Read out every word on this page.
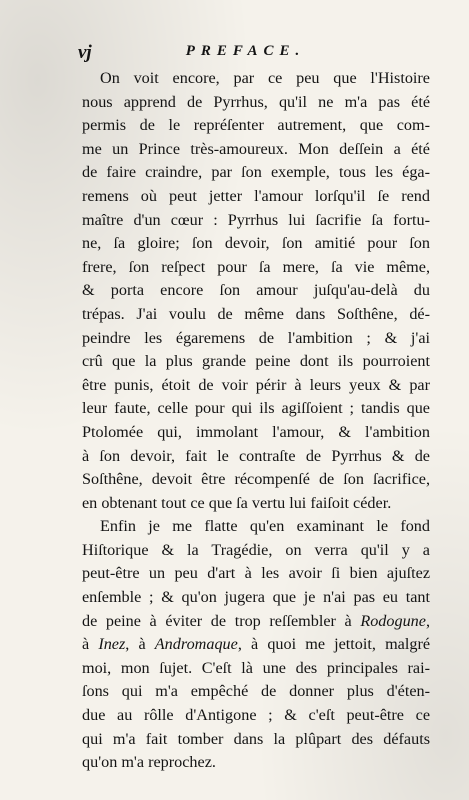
vj	PREFACE.
On voit encore, par ce peu que l'Histoire
nous apprend de Pyrrhus, qu'il ne m'a pas été
permis de le repréſenter autrement, que com-
me un Prince très-amoureux. Mon deſſein a été
de faire craindre, par ſon exemple, tous les éga-
remens où peut jetter l'amour lorſqu'il ſe rend
maître d'un cœur : Pyrrhus lui ſacrifie ſa fortu-
ne, ſa gloire; ſon devoir, ſon amitié pour ſon
frere, ſon reſpect pour ſa mere, ſa vie même,
& porta encore ſon amour juſqu'au-delà du
trépas. J'ai voulu de même dans Soſthêne, dé-
peindre les égaremens de l'ambition ; & j'ai
crû que la plus grande peine dont ils pourroient
être punis, étoit de voir périr à leurs yeux & par
leur faute, celle pour qui ils agiſſoient ; tandis que
Ptolomée qui, immolant l'amour, & l'ambition
à ſon devoir, fait le contraſte de Pyrrhus & de
Soſthêne, devoit être récompenſé de ſon ſacrifice,
en obtenant tout ce que ſa vertu lui faiſoit céder.
Enfin je me flatte qu'en examinant le fond
Hiſtorique & la Tragédie, on verra qu'il y a
peut-être un peu d'art à les avoir ſi bien ajuſtez
enſemble ; & qu'on jugera que je n'ai pas eu tant
de peine à éviter de trop reſſembler à Rodogune,
à Inez, à Andromaque, à quoi me jettoit, malgré
moi, mon ſujet. C'eſt là une des principales rai-
ſons qui m'a empêché de donner plus d'éten-
due au rôlle d'Antigone ; & c'eſt peut-être ce
qui m'a fait tomber dans la plûpart des défauts
qu'on m'a reprochez.
